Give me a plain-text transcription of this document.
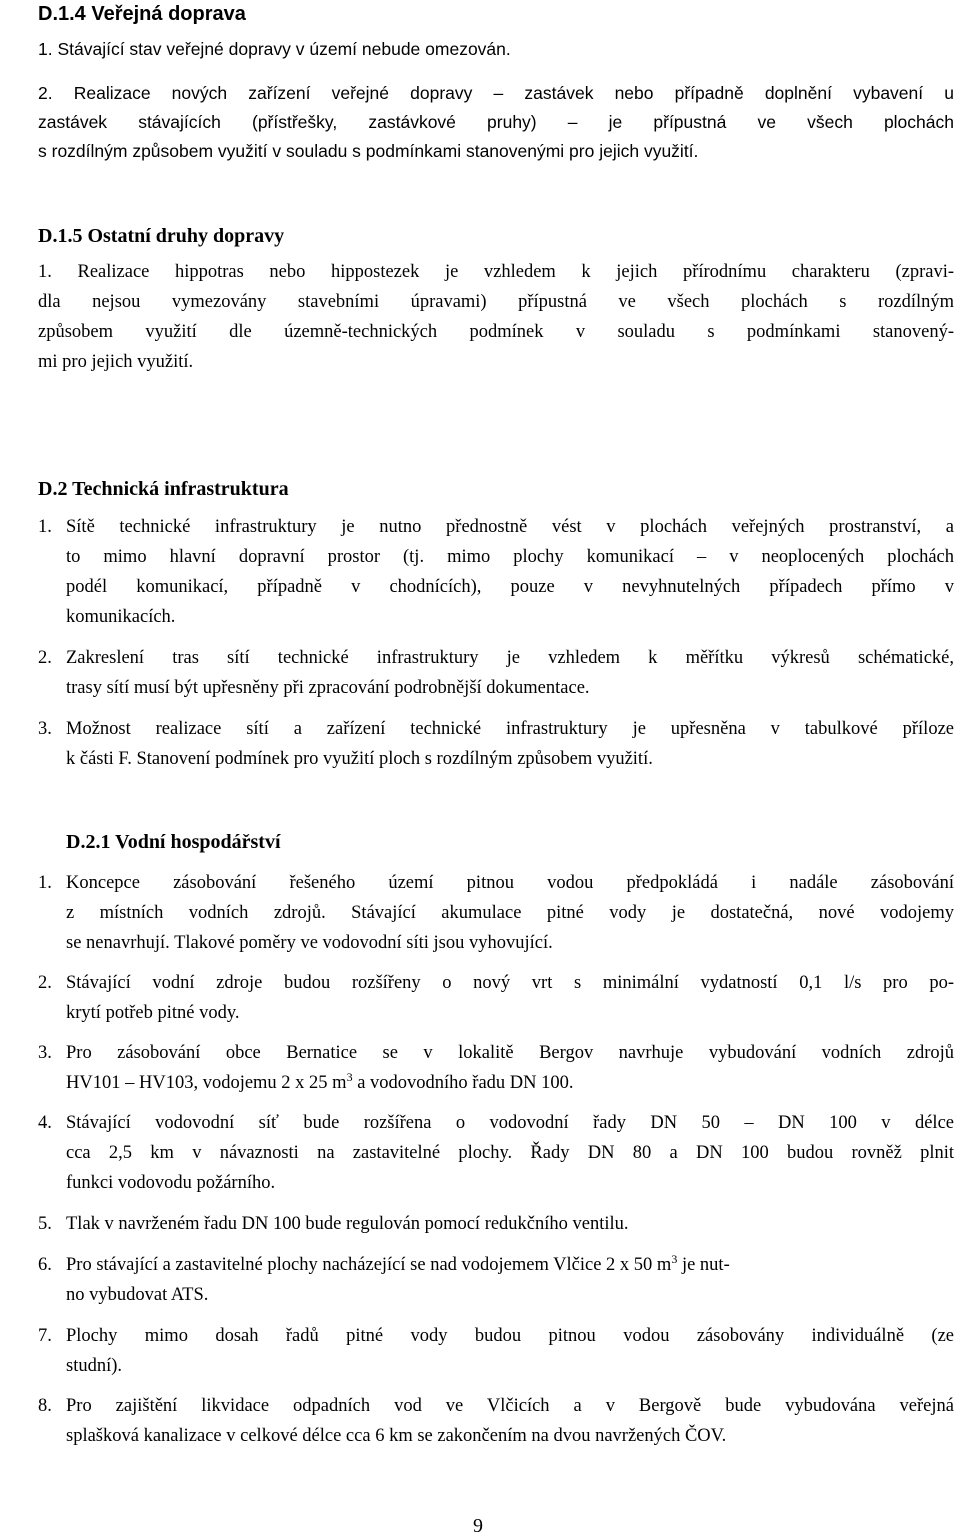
D.1.4 Veřejná doprava
1. Stávající stav veřejné dopravy v území nebude omezován.
2. Realizace nových zařízení veřejné dopravy – zastávek nebo případně doplnění vybavení u
zastávek stávajících (přístřešky, zastávkové pruhy) – je přípustná ve všech plochách
s rozdílným způsobem využití v souladu s podmínkami stanovenými pro jejich využití.
D.1.5 Ostatní druhy dopravy
1. Realizace hippotras nebo hippostezek je vzhledem k jejich přírodnímu charakteru (zpravi-
dla nejsou vymezovány stavebními úpravami) přípustná ve všech plochách s rozdílným
způsobem využití dle územně-technických podmínek v souladu s podmínkami stanovený-
mi pro jejich využití.
D.2 Technická infrastruktura
1. Sítě technické infrastruktury je nutno přednostně vést v plochách veřejných prostranství, a
to mimo hlavní dopravní prostor (tj. mimo plochy komunikací – v neoplocených plochách
podél komunikací, případně v chodnících), pouze v nevyhnutelných případech přímo v
komunikacích.
2. Zakreslení tras sítí technické infrastruktury je vzhledem k měřítku výkresů schématické,
trasy sítí musí být upřesněny při zpracování podrobnější dokumentace.
3. Možnost realizace sítí a zařízení technické infrastruktury je upřesněna v tabulkové příloze
k části F. Stanovení podmínek pro využití ploch s rozdílným způsobem využití.
D.2.1 Vodní hospodářství
1. Koncepce zásobování řešeného území pitnou vodou předpokládá i nadále zásobování
z místních vodních zdrojů. Stávající akumulace pitné vody je dostatečná, nové vodojemy
se nenavrhují. Tlakové poměry ve vodovodní síti jsou vyhovující.
2. Stávající vodní zdroje budou rozšířeny o nový vrt s minimální vydatností 0,1 l/s pro po-
krytí potřeb pitné vody.
3. Pro zásobování obce Bernatice se v lokalitě Bergov navrhuje vybudování vodních zdrojů
HV101 – HV103, vodojemu 2 x 25 $m^3$ a vodovodního řadu DN 100.
4. Stávající vodovodní síť bude rozšířena o vodovodní řady DN 50 – DN 100 v délce
cca 2,5 km v návaznosti na zastavitelné plochy. Řady DN 80 a DN 100 budou rovněž plnit
funkci vodovodu požárního.
5. Tlak v navrženém řadu DN 100 bude regulován pomocí redukčního ventilu.
6. Pro stávající a zastavitelné plochy nacházející se nad vodojemem Vlčice 2 x 50 $m^3$ je nut-
no vybudovat ATS.
7. Plochy mimo dosah řadů pitné vody budou pitnou vodou zásobovány individuálně (ze
studní).
8. Pro zajištění likvidace odpadních vod ve Vlčicích a v Bergově bude vybudována veřejná
splašková kanalizace v celkové délce cca 6 km se zakončením na dvou navržených ČOV.
9
